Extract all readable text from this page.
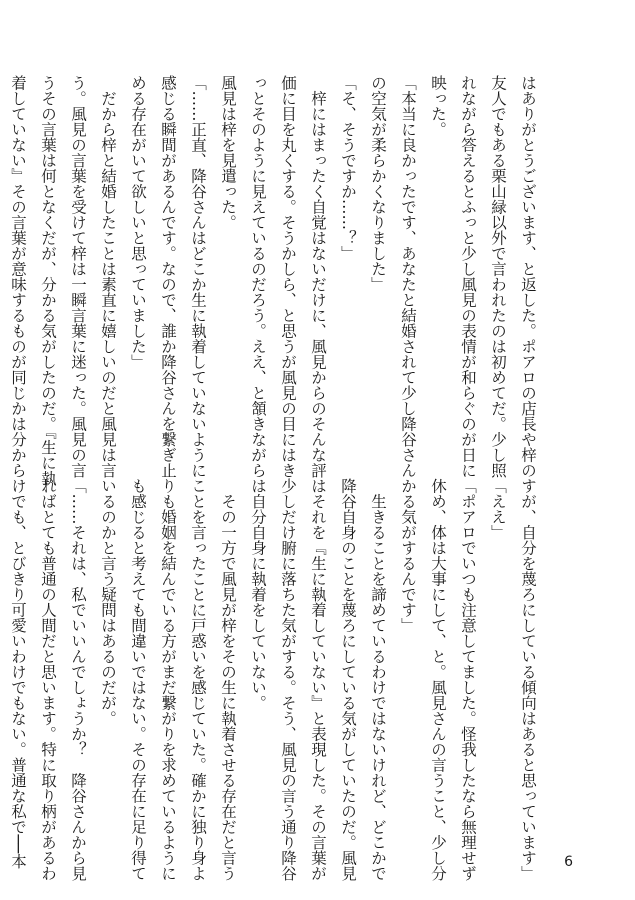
はありがとうございます、と返した。ポアロの店長や梓の
友人でもある栗山緑以外で言われたのは初めてだ。少し照
れながら答えるとふっと少し風見の表情が和らぐのが日に
映った。
「本当に良かったです、あなたと結婚されて少し降谷さん
の空気が柔らかくなりました」
「そ、そうですか……？」
　梓にはまったく自覚はないだけに、風見からのそんな評
価に目を丸くする。そうかしら、と思うが風見の目にはき
っとそのように見えているのだろう。ええ、と頷きながら
風見は梓を見遣った。
「……正直、降谷さんはどこか生に執着していないように
感じる瞬間があるんです。なので、誰か降谷さんを繋ぎ止
める存在がいて欲しいと思っていました」
　だから梓と結婚したことは素直に嬉しいのだと風見は言
う。風見の言葉を受けて梓は一瞬言葉に迷った。風見の言
うその言葉は何となくだが、分かる気がしたのだ。『生に執
着していない』その言葉が意味するものが同じかは分から
すが、自分を蔑ろにしている傾向はあると思っています」
「ええ」
「ポアロでいつも注意してました。怪我したなら無理せず
休め、体は大事にして、と。風見さんの言うこと、少し分
かる気がするんです」
　生きることを諦めているわけではないけれど、どこかで
降谷自身のことを蔑ろにしている気がしていたのだ。風見
はそれを『生に執着していない』と表現した。その言葉が
少しだけ腑に落ちた気がする。そう、風見の言う通り降谷
は自分自身に執着をしていない。
　その一方で風見が梓をその生に執着させる存在だと言う
ことを言ったことに戸惑いを感じていた。確かに独り身よ
りも婚姻を結んでいる方がまだ繋がりを求めているように
も感じると考えても間違いではない。その存在に足り得て
いるのかと言う疑問はあるのだが。
「……それは、私でいいんでしょうか？　降谷さんから見
ればとても普通の人間だと思います。特に取り柄があるわ
けでも、とびきり可愛いわけでもない。普通な私で──本	6
